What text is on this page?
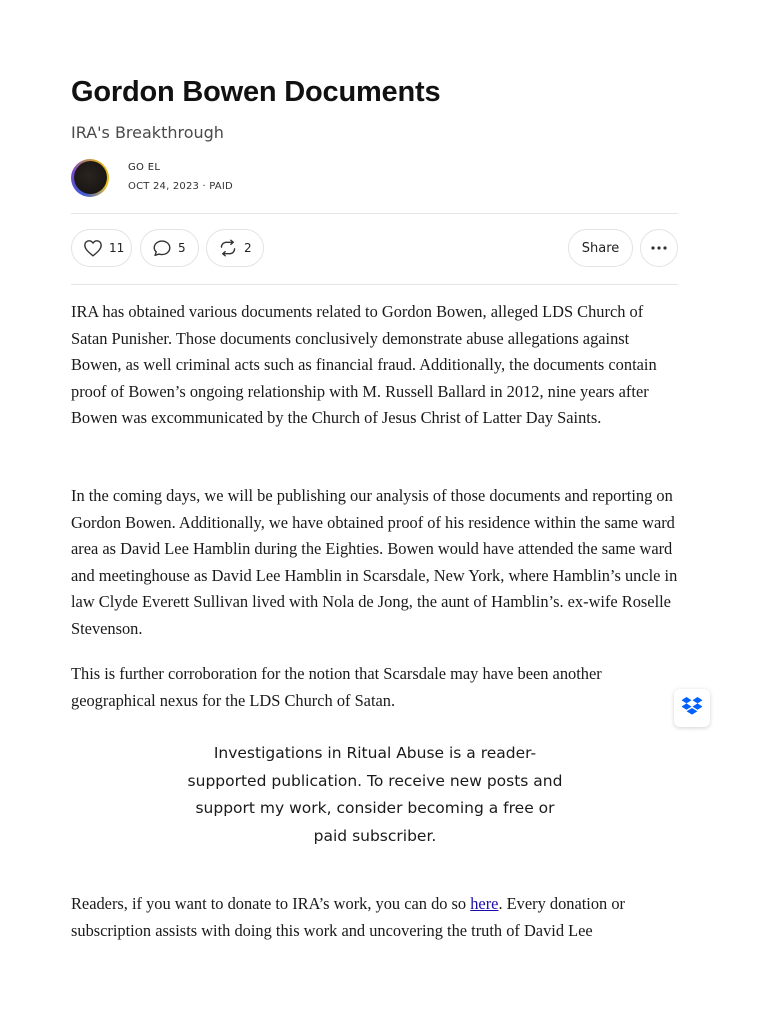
Gordon Bowen Documents
IRA's Breakthrough
GO EL
OCT 24, 2023 · PAID
11	5	2	Share

IRA has obtained various documents related to Gordon Bowen, alleged LDS Church of Satan Punisher. Those documents conclusively demonstrate abuse allegations against Bowen, as well criminal acts such as financial fraud. Additionally, the documents contain proof of Bowen’s ongoing relationship with M. Russell Ballard in 2012, nine years after Bowen was excommunicated by the Church of Jesus Christ of Latter Day Saints.

In the coming days, we will be publishing our analysis of those documents and reporting on Gordon Bowen. Additionally, we have obtained proof of his residence within the same ward area as David Lee Hamblin during the Eighties. Bowen would have attended the same ward and meetinghouse as David Lee Hamblin in Scarsdale, New York, where Hamblin’s uncle in law Clyde Everett Sullivan lived with Nola de Jong, the aunt of Hamblin’s. ex-wife Roselle Stevenson.

This is further corroboration for the notion that Scarsdale may have been another geographical nexus for the LDS Church of Satan.

Investigations in Ritual Abuse is a reader-supported publication. To receive new posts and support my work, consider becoming a free or paid subscriber.

Readers, if you want to donate to IRA’s work, you can do so here. Every donation or subscription assists with doing this work and uncovering the truth of David Lee
